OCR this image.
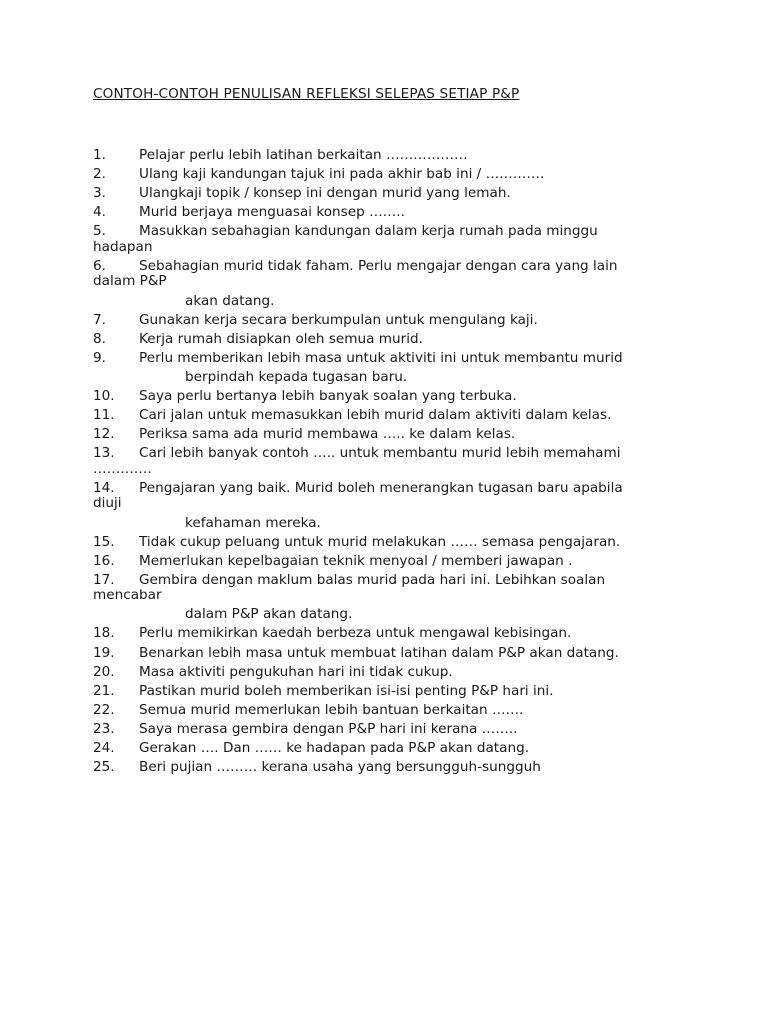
CONTOH-CONTOH PENULISAN REFLEKSI SELEPAS SETIAP P&P
1.	Pelajar perlu lebih latihan berkaitan ………………
2.	Ulang kaji kandungan tajuk ini pada akhir bab ini / ………….
3.	Ulangkaji topik / konsep ini dengan murid yang lemah.
4.	Murid berjaya menguasai konsep ……..
5.	Masukkan sebahagian kandungan dalam kerja rumah pada minggu
hadapan
6.	Sebahagian murid tidak faham. Perlu mengajar dengan cara yang lain
dalam P&P
akan datang.
7.	Gunakan kerja secara berkumpulan untuk mengulang kaji.
8.	Kerja rumah disiapkan oleh semua murid.
9.	Perlu memberikan lebih masa untuk aktiviti ini untuk membantu murid
berpindah kepada tugasan baru.
10.	Saya perlu bertanya lebih banyak soalan yang terbuka.
11.	Cari jalan untuk memasukkan lebih murid dalam aktiviti dalam kelas.
12.	Periksa sama ada murid membawa ….. ke dalam kelas.
13.	Cari lebih banyak contoh ….. untuk membantu murid lebih memahami
………….
14.	Pengajaran yang baik. Murid boleh menerangkan tugasan baru apabila
diuji
kefahaman mereka.
15.	Tidak cukup peluang untuk murid melakukan …… semasa pengajaran.
16.	Memerlukan kepelbagaian teknik menyoal / memberi jawapan .
17.	Gembira dengan maklum balas murid pada hari ini. Lebihkan soalan
mencabar
dalam P&P akan datang.
18.	Perlu memikirkan kaedah berbeza untuk mengawal kebisingan.
19.	Benarkan lebih masa untuk membuat latihan dalam P&P akan datang.
20.	Masa aktiviti pengukuhan hari ini tidak cukup.
21.	Pastikan murid boleh memberikan isi-isi penting P&P hari ini.
22.	Semua murid memerlukan lebih bantuan berkaitan …….
23.	Saya merasa gembira dengan P&P hari ini kerana ……..
24.	Gerakan …. Dan …… ke hadapan pada P&P akan datang.
25.	Beri pujian ……… kerana usaha yang bersungguh-sungguh
